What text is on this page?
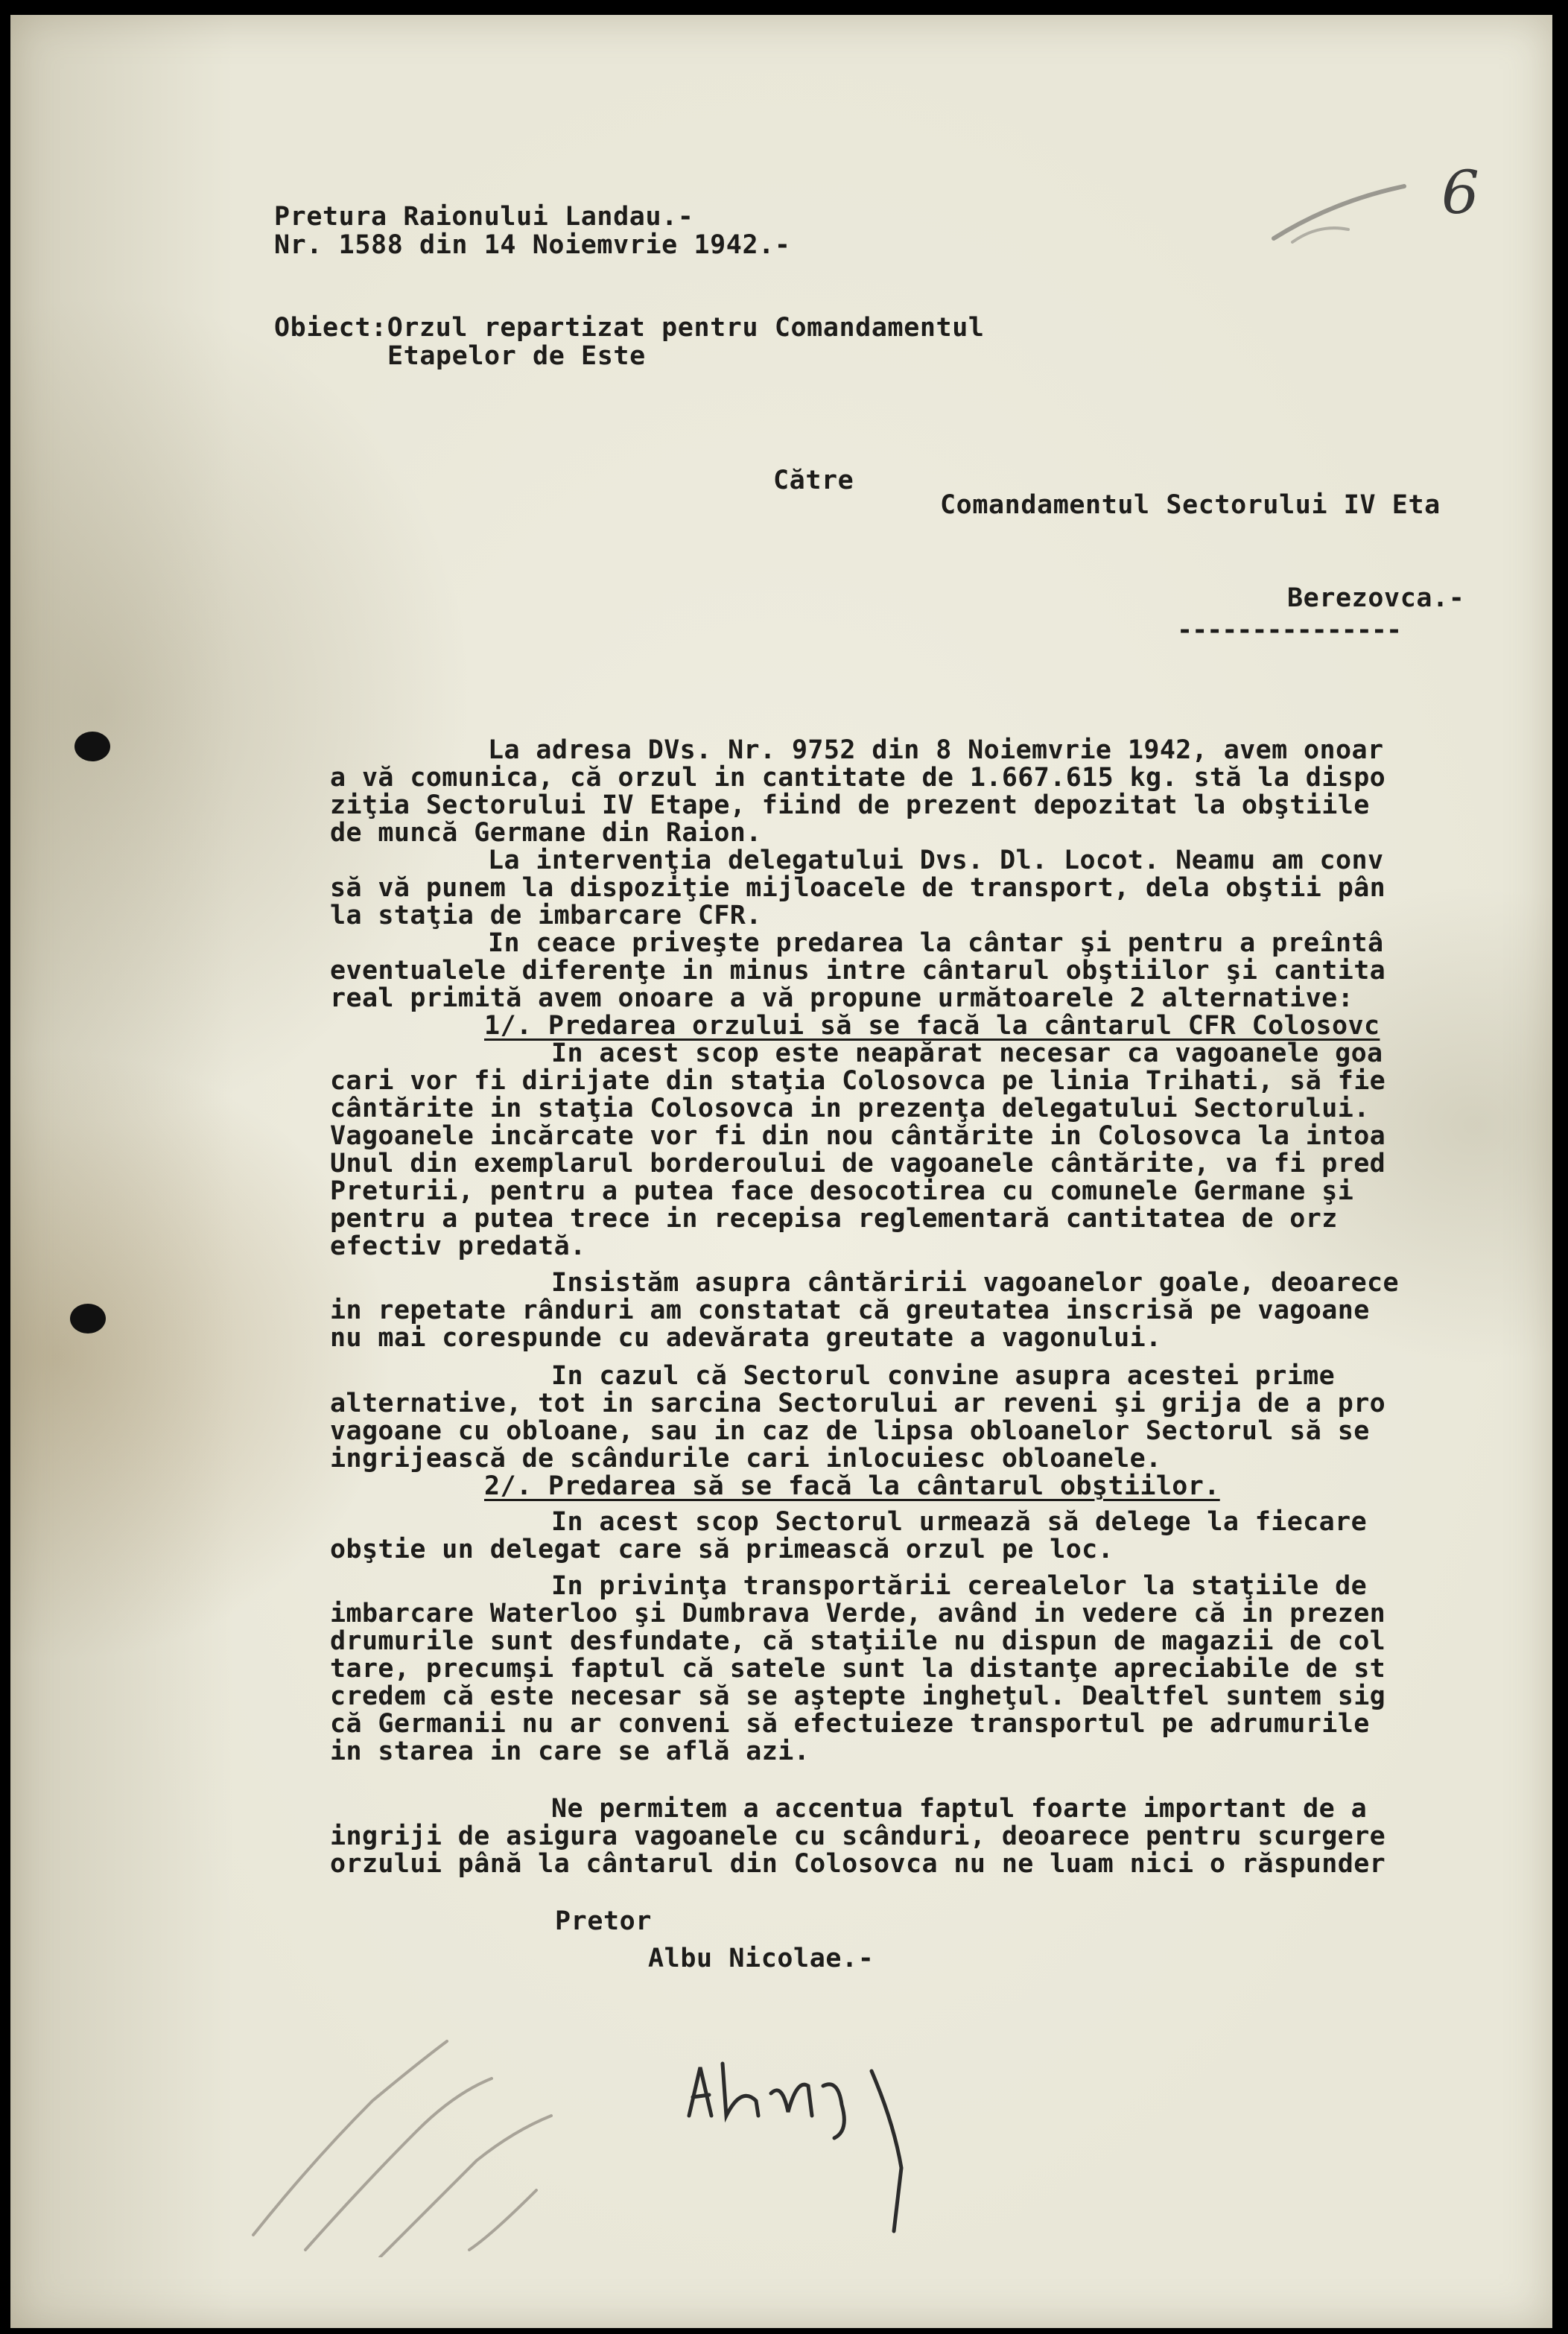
6
Pretura Raionului Landau.-
Nr. 1588 din 14 Noiemvrie 1942.-
Obiect:Orzul repartizat pentru Comandamentul
Etapelor de Este
Către
Comandamentul Sectorului IV Eta
Berezovca.-
---------------
La adresa DVs. Nr. 9752 din 8 Noiemvrie 1942, avem onoar
a vă comunica, că orzul in cantitate de 1.667.615 kg. stă la dispo
ziţia Sectorului IV Etape, fiind de prezent depozitat la obştiile
de muncă Germane din Raion.
La intervenţia delegatului Dvs. Dl. Locot. Neamu am conv
să vă punem la dispoziţie mijloacele de transport, dela obştii pân
la staţia de imbarcare CFR.
In ceace priveşte predarea la cântar şi pentru a preîntâ
eventualele diferenţe in minus intre cântarul obştiilor şi cantita
real primită avem onoare a vă propune următoarele 2 alternative:
1/. Predarea orzului să se facă la cântarul CFR Colosovc
In acest scop este neapărat necesar ca vagoanele goa
cari vor fi dirijate din staţia Colosovca pe linia Trihati, să fie
cântărite in staţia Colosovca in prezenţa delegatului Sectorului.
Vagoanele incărcate vor fi din nou cântărite in Colosovca la intoa
Unul din exemplarul borderoului de vagoanele cântărite, va fi pred
Preturii, pentru a putea face desocotirea cu comunele Germane şi
pentru a putea trece in recepisa reglementară cantitatea de orz
efectiv predată.
Insistăm asupra cântăririi vagoanelor goale, deoarece
in repetate rânduri am constatat că greutatea inscrisă pe vagoane
nu mai corespunde cu adevărata greutate a vagonului.
In cazul că Sectorul convine asupra acestei prime
alternative, tot in sarcina Sectorului ar reveni şi grija de a pro
vagoane cu obloane, sau in caz de lipsa obloanelor Sectorul să se
ingrijească de scândurile cari inlocuiesc obloanele.
2/. Predarea să se facă la cântarul obştiilor.
In acest scop Sectorul urmează să delege la fiecare
obştie un delegat care să primească orzul pe loc.
In privinţa transportării cerealelor la staţiile de
imbarcare Waterloo şi Dumbrava Verde, având in vedere că in prezen
drumurile sunt desfundate, că staţiile nu dispun de magazii de col
tare, precumşi faptul că satele sunt la distanţe apreciabile de st
credem că este necesar să se aştepte ingheţul. Dealtfel suntem sig
că Germanii nu ar conveni să efectuieze transportul pe adrumurile
in starea in care se află azi.
Ne permitem a accentua faptul foarte important de a
ingriji de asigura vagoanele cu scânduri, deoarece pentru scurgere
orzului până la cântarul din Colosovca nu ne luam nici o răspunder
Pretor
Albu Nicolae.-
